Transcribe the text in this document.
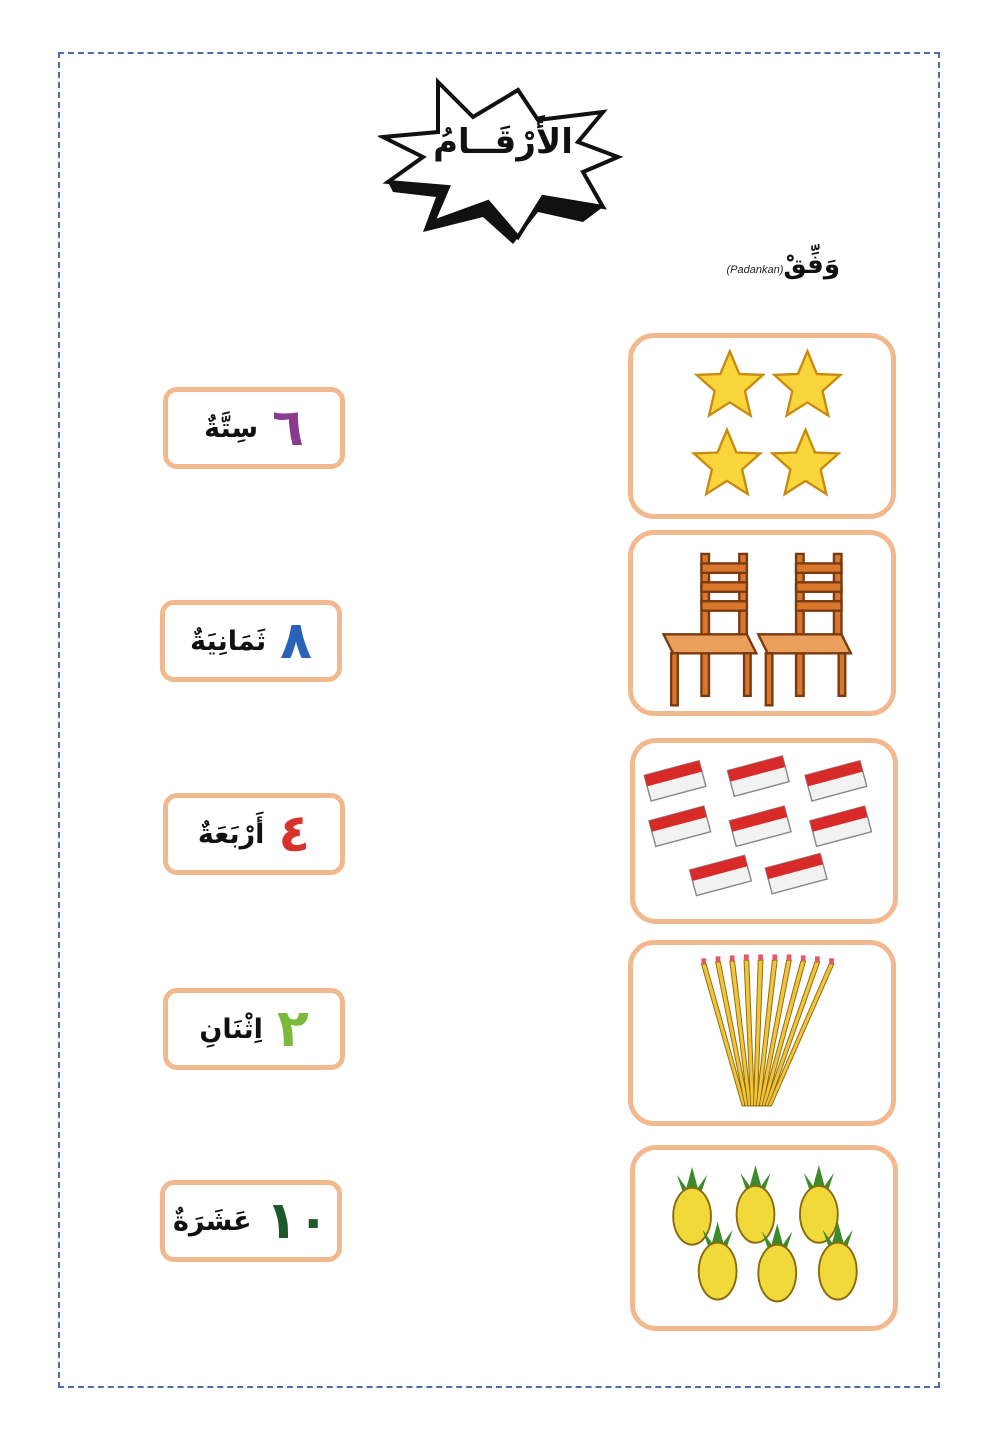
الأَرْقَــامُ
(Padankan)وَفِّقْ
٦
سِتَّةٌ
٨
ثَمَانِيَةٌ
٤
أَرْبَعَةٌ
٢
اِثْنَانِ
١٠
عَشَرَةٌ
